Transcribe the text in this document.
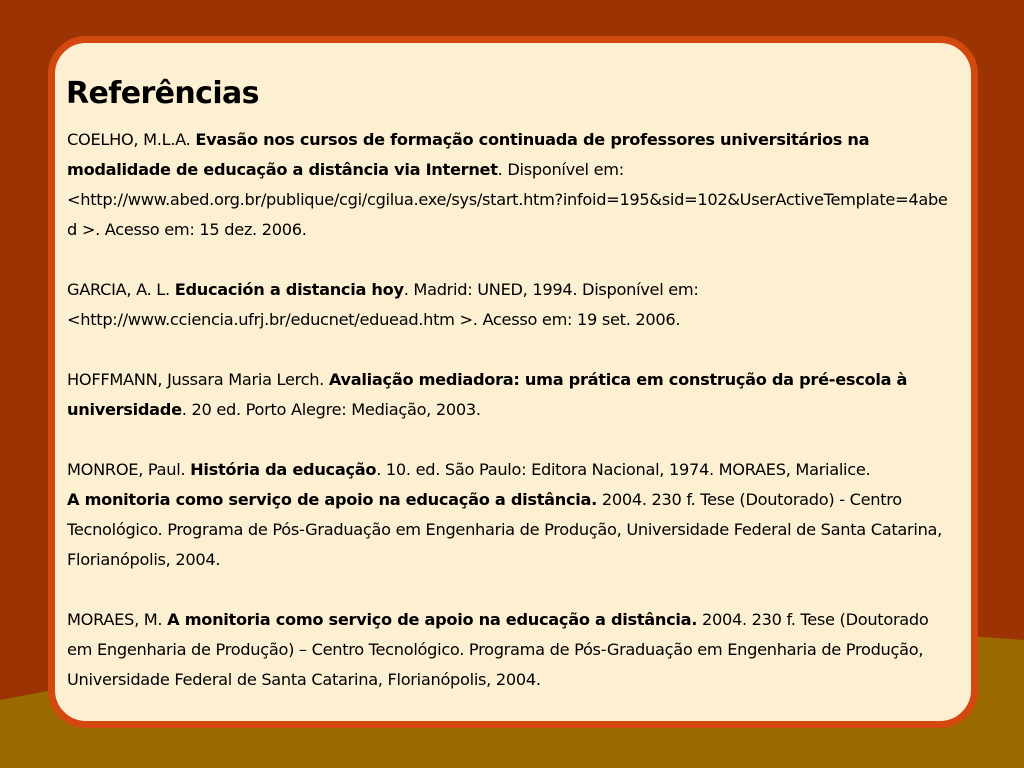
Referências

COELHO, M.L.A. Evasão nos cursos de formação continuada de professores universitários na modalidade de educação a distância via Internet. Disponível em:
<http://www.abed.org.br/publique/cgi/cgilua.exe/sys/start.htm?infoid=195&sid=102&UserActiveTemplate=4abed >. Acesso em: 15 dez. 2006.

GARCIA, A. L. Educación a distancia hoy. Madrid: UNED, 1994. Disponível em:
<http://www.cciencia.ufrj.br/educnet/eduead.htm >. Acesso em: 19 set. 2006.

HOFFMANN, Jussara Maria Lerch. Avaliação mediadora: uma prática em construção da pré-escola à universidade. 20 ed. Porto Alegre: Mediação, 2003.

MONROE, Paul. História da educação. 10. ed. São Paulo: Editora Nacional, 1974. MORAES, Marialice.
A monitoria como serviço de apoio na educação a distância. 2004. 230 f. Tese (Doutorado) - Centro Tecnológico. Programa de Pós-Graduação em Engenharia de Produção, Universidade Federal de Santa Catarina, Florianópolis, 2004.

MORAES, M. A monitoria como serviço de apoio na educação a distância. 2004. 230 f. Tese (Doutorado em Engenharia de Produção) – Centro Tecnológico. Programa de Pós-Graduação em Engenharia de Produção, Universidade Federal de Santa Catarina, Florianópolis, 2004.
